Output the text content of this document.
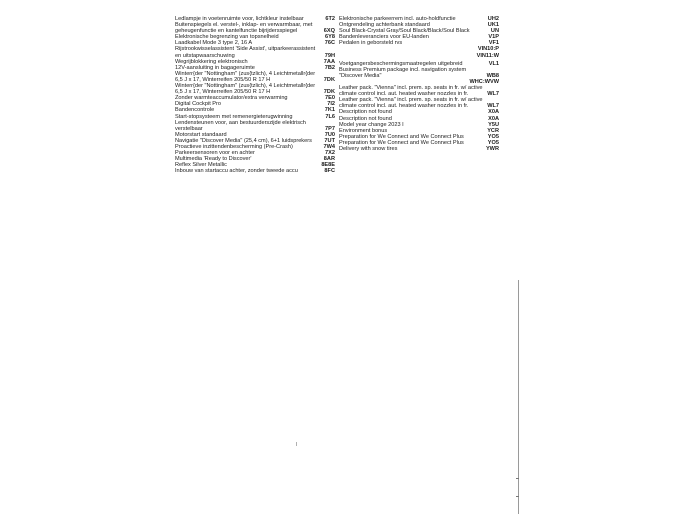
Ledlampje in voetenruimte voor, lichtkleur instelbaar	6T2
Buitenspiegels el. verstel-, inklap- en verwarmbaar, met geheugenfunctie en kantelfunctie bijrijdersspiegel	6XQ
Elektronische begrenzing van topsnelheid	6Y8
Laadkabel Mode 3 type 2, 16 A	76C
Rijstrookwisselassistent 'Side Assist', uitparkeerassistent en uitstapwaarschuwing	79H
Wegrijblokkering elektronisch	7AA
12V-aansluiting in bagageruimte	7B2
Winterr{der "Nottingham" (zus{tzlich), 4 Leichtmetallr{der 6,5 J x 17, Winterreifen 205/50 R 17 H	7DK
Winterr{der "Nottingham" (zus{tzlich), 4 Leichtmetallr{der 6,5 J x 17, Winterreifen 205/50 R 17 H	7DK
Zonder warmteaccumulator/extra verwarming	7E0
Digital Cockpit Pro	7I2
Bandencontrole	7K1
Start-stopsysteem met remenergieterugwinning	7L6
Lendensteunen voor, aan bestuurderszijde elektrisch verstelbaar	7P7
Motorstart standaard	7U0
Navigatie "Discover Media" (25,4 cm), 6+1 luidsprekers	7UT
Proactieve inzittendenbescherming (Pre-Crash)	7W4
Parkeersensoren voor en achter	7X2
Multimedia 'Ready to Discover'	8AR
Reflex Silver Metallic	8E8E
Inbouw van startaccu achter, zonder tweede accu	8FC
Elektronische parkeerrem incl. auto-holdfunctie	UH2
Ontgrendeling achterbank standaard	UK1
Soul Black-Crystal Gray/Soul Black/Black/Soul Black	UN
Bandenleveranciers voor EU-landen	V1P
Pedalen in geborsteld rvs	VF1
VIN10:P
VIN11:W
Voetgangersbeschermingsmaatregelen uitgebreid	VL1
Business Premium package incl. navigation system "Discover Media"	WB8
WHC:WVW
Leather pack. "Vienna" incl. prem. sp. seats in fr. w/ active climate control incl. aut. heated washer nozzles in fr.	WL7
Leather pack. "Vienna" incl. prem. sp. seats in fr. w/ active climate control incl. aut. heated washer nozzles in fr.	WL7
Description not found	X0A
Description not found	X0A
Model year change 2023 I	Y5U
Environment bonus	YCR
Preparation for We Connect and We Connect Plus	YO5
Preparation for We Connect and We Connect Plus	YO5
Delivery with snow tires	YWR
